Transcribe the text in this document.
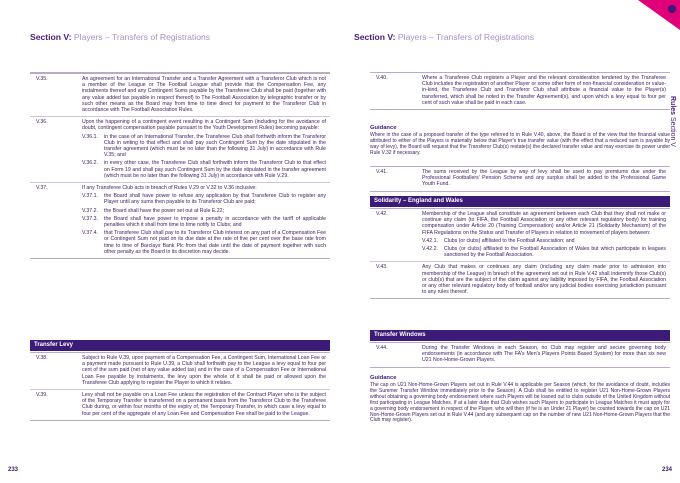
Section V: Players – Transfers of Registrations
V.35.	An agreement for an International Transfer and a Transfer Agreement with a Transferor Club which is not a member of the League or The Football League shall provide that the Compensation Fee, any instalments thereof and any Contingent Sums payable by the Transferee Club shall be paid (together with any value added tax payable in respect thereof) to The Football Association by telegraphic transfer or by such other means as the Board may from time to time direct for payment to the Transferor Club in accordance with The Football Association Rules.
V.36.	Upon the happening of a contingent event resulting in a Contingent Sum (including for the avoidance of doubt, contingent compensation payable pursuant to the Youth Development Rules) becoming payable:
V.36.1.	in the case of an International Transfer, the Transferee Club shall forthwith inform the Transferor Club in writing to that effect and shall pay such Contingent Sum by the date stipulated in the transfer agreement (which must be no later than the following 31 July) in accordance with Rule V.35; and
V.36.2.	in every other case, the Transferee Club shall forthwith inform the Transferor Club to that effect on Form 19 and shall pay such Contingent Sum by the date stipulated in the transfer agreement (which must be no later than the following 31 July) in accordance with Rule V.29.
V.37.	If any Transferee Club acts in breach of Rules V.29 or V.32 to V.36 inclusive:
V.37.1.	the Board shall have power to refuse any application by that Transferee Club to register any Player until any sums then payable to its Transferor Club are paid;
V.37.2.	the Board shall have the power set out at Rule E.22;
V.37.3.	the Board shall have power to impose a penalty in accordance with the tariff of applicable penalties which it shall from time to time notify to Clubs; and
V.37.4.	that Transferee Club shall pay to its Transferor Club interest on any part of a Compensation Fee or Contingent Sum not paid on its due date at the rate of five per cent over the base rate from time to time of Barclays Bank Plc from that date until the date of payment together with such other penalty as the Board in its discretion may decide.
Transfer Levy
V.38.	Subject to Rule V.39, upon payment of a Compensation Fee, a Contingent Sum, International Loan Fee or a payment made pursuant to Rule U.39, a Club shall forthwith pay to the League a levy equal to four per cent of the sum paid (net of any value added tax) and in the case of a Compensation Fee or International Loan Fee payable by instalments, the levy upon the whole of it shall be paid or allowed upon the Transferee Club applying to register the Player to which it relates.
V.39.	Levy shall not be payable on a Loan Fee unless the registration of the Contract Player who is the subject of the Temporary Transfer is transferred on a permanent basis from the Transferor Club to the Transferee Club during, or within four months of the expiry of, the Temporary Transfer, in which case a levy equal to four per cent of the aggregate of any Loan Fee and Compensation Fee shall be paid to the League.
233
Section V: Players – Transfers of Registrations
Rules Section V
V.40.	Where a Transferee Club registers a Player and the relevant consideration tendered by the Transferee Club includes the registration of another Player or some other form of non-financial consideration or value-in-kind, the Transferee Club and Transferor Club shall attribute a financial value to the Player(s) transferred, which shall be noted in the Transfer Agreement(s), and upon which a levy equal to four per cent of such value shall be paid in each case.
Guidance
Where in the case of a proposed transfer of the type referred to in Rule V.40, above, the Board is of the view that the financial value attributed to either of the Players is materially below that Player's true transfer value (with the effect that a reduced sum is payable by way of levy), the Board will request that the Transferor Club(s) restate(s) the declared transfer value and may exercise its power under Rule V.32 if necessary.
V.41.	The sums received by the League by way of levy shall be used to pay premiums due under the Professional Footballers' Pension Scheme and any surplus shall be added to the Professional Game Youth Fund.
Solidarity – England and Wales
V.42.	Membership of the League shall constitute an agreement between each Club that they shall not make or continue any claim (to FIFA, the Football Association or any other relevant regulatory body) for training compensation under Article 20 (Training Compensation) and/or Article 21 (Solidarity Mechanism) of the FIFA Regulations on the Status and Transfer of Players in relation to movement of players between:
V.42.1.	Clubs (or clubs) affiliated to the Football Association; and
V.42.2.	Clubs (or clubs) affiliated to the Football Association of Wales but which participate in leagues sanctioned by the Football Association.
V.43.	Any Club that makes or continues any claim (including any claim made prior to admission into membership of the League) in breach of the agreement set out in Rule V.42 shall indemnify those Club(s) or club(s) that are the subject of the claim against any liability imposed by FIFA, the Football Association or any other relevant regulatory body of football and/or any judicial bodies exercising jurisdiction pursuant to any rules thereof.
Transfer Windows
V.44.	During the Transfer Windows in each Season, no Club may register and secure governing body endorsements (in accordance with The FA's Men's Players Points Based System) for more than six new U21 Non-Home-Grown Players.
Guidance
The cap on U21 Non-Home-Grown Players set out in Rule V.44 is applicable per Season (which, for the avoidance of doubt, includes the Summer Transfer Window immediately prior to the Season). A Club shall be entitled to register U21 Non-Home-Grown Players without obtaining a governing body endorsement where such Players will be loaned out to clubs outside of the United Kingdom without first participating in League Matches. If at a later date that Club wishes such Players to participate in League Matches it must apply for a governing body endorsement in respect of the Player, who will then (if he is an Under 21 Player) be counted towards the cap on U21 Non-Home-Grown Players set out in Rule V.44 (and any subsequent cap on the number of new U21 Non-Home-Grown Players that the Club may register).
234
